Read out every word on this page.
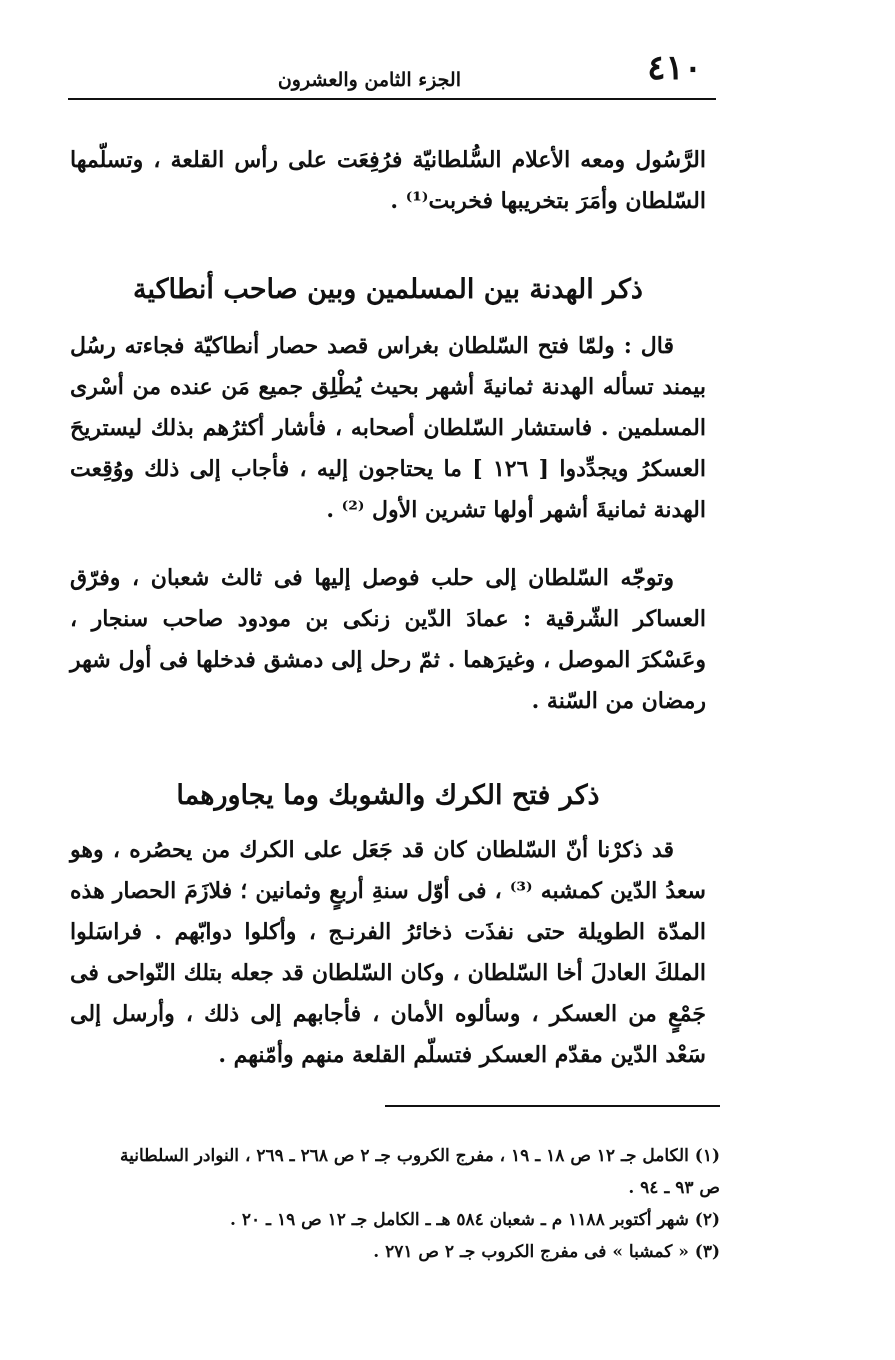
٤١٠
الجزء الثامن والعشرون
الرَّسُول ومعه الأعلام السُّلطانيّة فرُفِعَت على رأس القلعة ، وتسلّمها السّلطان وأمَرَ بتخريبها فخربت⁽¹⁾ .
ذكر الهدنة بين المسلمين وبين صاحب أنطاكية
قال : ولمّا فتح السّلطان بغراس قصد حصار أنطاكيّة فجاءته رسُل بيمند تسأله الهدنة ثمانيةَ أشهر بحيث يُطْلِق جميع مَن عنده من أسْرى المسلمين . فاستشار السّلطان أصحابه ، فأشار أكثرُهم بذلك ليستريحَ العسكرُ ويجدِّدوا [ ١٢٦ ] ما يحتاجون إليه ، فأجاب إلى ذلك ووُقِعت الهدنة ثمانيةَ أشهر أولها تشرين الأول ⁽²⁾ .
وتوجّه السّلطان إلى حلب فوصل إليها فى ثالث شعبان ، وفرّق العساكر الشّرقية : عمادَ الدّين زنكى بن مودود صاحب سنجار ، وعَسْكرَ الموصل ، وغيرَهما . ثمّ رحل إلى دمشق فدخلها فى أول شهر رمضان من السّنة .
ذكر فتح الكرك والشوبك وما يجاورهما
قد ذكرْنا أنّ السّلطان كان قد جَعَل على الكرك من يحصُره ، وهو سعدُ الدّين كمشبه ⁽³⁾ ، فى أوّل سنةِ أربعٍ وثمانين ؛ فلازَمَ الحصار هذه المدّة الطويلة حتى نفذَت ذخائرُ الفرنـج ، وأكلوا دوابّهم . فراسَلوا الملكَ العادلَ أخا السّلطان ، وكان السّلطان قد جعله بتلك النّواحى فى جَمْعٍ من العسكر ، وسألوه الأمان ، فأجابهم إلى ذلك ، وأرسل إلى سَعْد الدّين مقدّم العسكر فتسلّم القلعة منهم وأمّنهم .

(١) الكامل جـ ١٢ ص ١٨ ـ ١٩ ، مفرج الكروب جـ ٢ ص ٢٦٨ ـ ٢٦٩ ، النوادر السلطانية ص ٩٣ ـ ٩٤ .

(٢) شهر أكتوبر ١١٨٨ م ـ شعبان ٥٨٤ هـ ـ الكامل جـ ١٢ ص ١٩ ـ ٢٠ .

(٣) « كمشبا » فى مفرج الكروب جـ ٢ ص ٢٧١ .
